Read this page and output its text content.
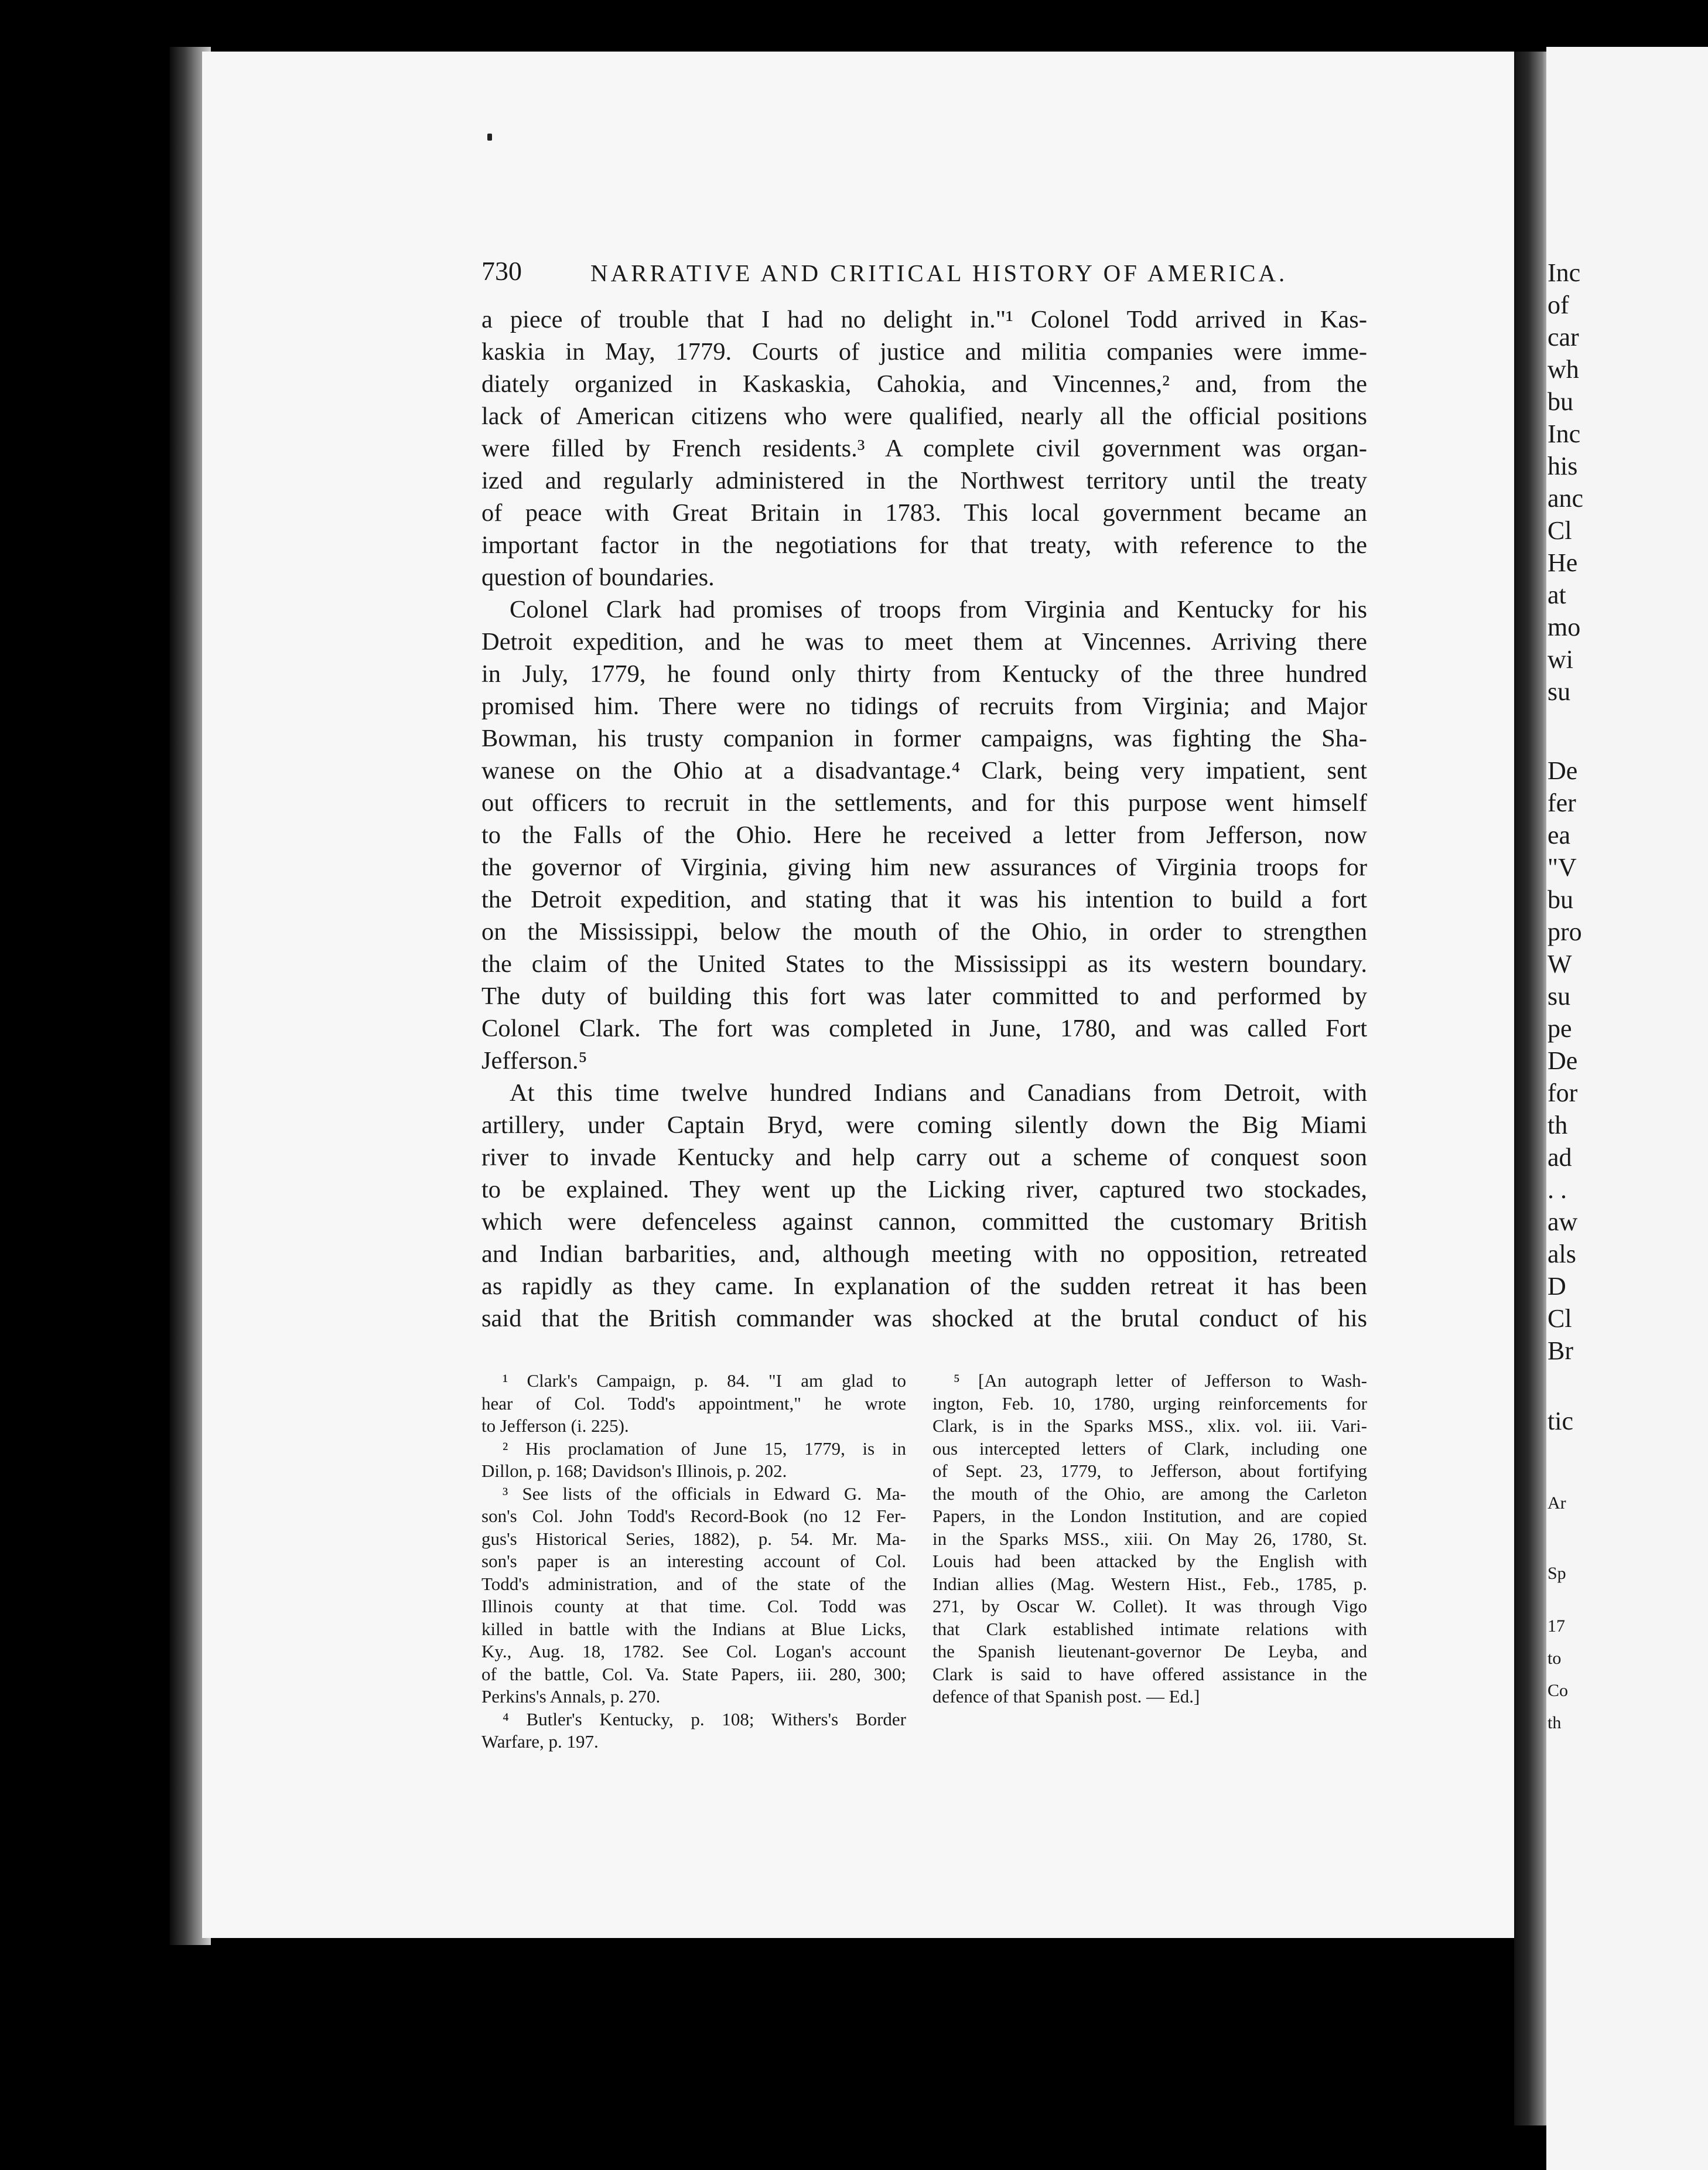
Inc
of
car
wh
bu
Inc
his
anc
Cl
He
at
mo
wi
su
De
fer
ea
"V
bu
pro
W
su
pe
De
for
th
ad
. .
aw
als
D
Cl
Br
tic
Ar
Sp
17
to
Co
th
730	NARRATIVE AND CRITICAL HISTORY OF AMERICA.
a piece of trouble that I had no delight in."¹ Colonel Todd arrived in Kas-
kaskia in May, 1779. Courts of justice and militia companies were imme-
diately organized in Kaskaskia, Cahokia, and Vincennes,² and, from the
lack of American citizens who were qualified, nearly all the official positions
were filled by French residents.³ A complete civil government was organ-
ized and regularly administered in the Northwest territory until the treaty
of peace with Great Britain in 1783. This local government became an
important factor in the negotiations for that treaty, with reference to the
question of boundaries.
Colonel Clark had promises of troops from Virginia and Kentucky for his
Detroit expedition, and he was to meet them at Vincennes. Arriving there
in July, 1779, he found only thirty from Kentucky of the three hundred
promised him. There were no tidings of recruits from Virginia; and Major
Bowman, his trusty companion in former campaigns, was fighting the Sha-
wanese on the Ohio at a disadvantage.⁴ Clark, being very impatient, sent
out officers to recruit in the settlements, and for this purpose went himself
to the Falls of the Ohio. Here he received a letter from Jefferson, now
the governor of Virginia, giving him new assurances of Virginia troops for
the Detroit expedition, and stating that it was his intention to build a fort
on the Mississippi, below the mouth of the Ohio, in order to strengthen
the claim of the United States to the Mississippi as its western boundary.
The duty of building this fort was later committed to and performed by
Colonel Clark. The fort was completed in June, 1780, and was called Fort
Jefferson.⁵
At this time twelve hundred Indians and Canadians from Detroit, with
artillery, under Captain Bryd, were coming silently down the Big Miami
river to invade Kentucky and help carry out a scheme of conquest soon
to be explained. They went up the Licking river, captured two stockades,
which were defenceless against cannon, committed the customary British
and Indian barbarities, and, although meeting with no opposition, retreated
as rapidly as they came. In explanation of the sudden retreat it has been
said that the British commander was shocked at the brutal conduct of his
¹ Clark's Campaign, p. 84. "I am glad to
hear of Col. Todd's appointment," he wrote
to Jefferson (i. 225).
² His proclamation of June 15, 1779, is in
Dillon, p. 168; Davidson's Illinois, p. 202.
³ See lists of the officials in Edward G. Ma-
son's Col. John Todd's Record-Book (no 12 Fer-
gus's Historical Series, 1882), p. 54. Mr. Ma-
son's paper is an interesting account of Col.
Todd's administration, and of the state of the
Illinois county at that time. Col. Todd was
killed in battle with the Indians at Blue Licks,
Ky., Aug. 18, 1782. See Col. Logan's account
of the battle, Col. Va. State Papers, iii. 280, 300;
Perkins's Annals, p. 270.
⁴ Butler's Kentucky, p. 108; Withers's Border
Warfare, p. 197.
⁵ [An autograph letter of Jefferson to Wash-
ington, Feb. 10, 1780, urging reinforcements for
Clark, is in the Sparks MSS., xlix. vol. iii. Vari-
ous intercepted letters of Clark, including one
of Sept. 23, 1779, to Jefferson, about fortifying
the mouth of the Ohio, are among the Carleton
Papers, in the London Institution, and are copied
in the Sparks MSS., xiii. On May 26, 1780, St.
Louis had been attacked by the English with
Indian allies (Mag. Western Hist., Feb., 1785, p.
271, by Oscar W. Collet). It was through Vigo
that Clark established intimate relations with
the Spanish lieutenant-governor De Leyba, and
Clark is said to have offered assistance in the
defence of that Spanish post. — Ed.]
